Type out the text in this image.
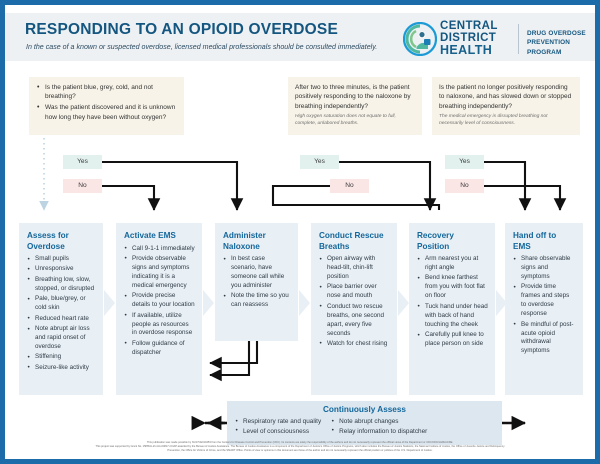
RESPONDING TO AN OPIOID OVERDOSE
In the case of a known or suspected overdose, licensed medical professionals should be consulted immediately.
CENTRAL
DISTRICT
HEALTH
DRUG OVERDOSE PREVENTION PROGRAM
• Is the patient blue, grey, cold, and not breathing?
• Was the patient discovered and it is unknown how long they have been without oxygen?
After two to three minutes, is the patient positively responding to the naloxone by breathing independently?
High oxygen saturation does not equate to full, complete, unlabored breaths.
Is the patient no longer positively responding to naloxone, and has slowed down or stopped breathing independently?
The medical emergency is disrupted breathing not necessarily level of consciousness.
Yes
No
Yes
No
Yes
No
Assess for Overdose
• Small pupils
• Unresponsive
• Breathing low, slow, stopped, or disrupted
• Pale, blue/grey, or cold skin
• Reduced heart rate
• Note abrupt air loss and rapid onset of overdose
• Stiffening
• Seizure-like activity
Activate EMS
• Call 9-1-1 immediately
• Provide observable signs and symptoms indicating it is a medical emergency
• Provide precise details to your location
• If available, utilize people as resources in overdose response
• Follow guidance of dispatcher
Administer Naloxone
• In best case scenario, have someone call while you administer
• Note the time so you can reassess
Conduct Rescue Breaths
• Open airway with head-tilt, chin-lift position
• Place barrier over nose and mouth
• Conduct two rescue breaths, one second apart, every five seconds
• Watch for chest rising
Recovery Position
• Arm nearest you at right angle
• Bend knee farthest from you with foot flat on floor
• Tuck hand under head with back of hand touching the cheek
• Carefully pull knee to place person on side
Hand off to EMS
• Share observable signs and symptoms
• Provide time frames and steps to overdose response
• Be mindful of post-acute opioid withdrawal symptoms
Continuously Assess
• Respiratory rate and quality
• Level of consciousness
• Note abrupt changes
• Relay information to dispatcher

This publication was made possible by NU17CE010453 from the Centers for Disease Control and Prevention (CDC). Its contents are solely the responsibility of the authors and do not necessarily represent the official views of the Department or CDC/CDC/HHS/ACDE.

This project was supported by Grant No. 15PBJA-21-GG-04817-COAP awarded by the Bureau of Justice Assistance. The Bureau of Justice Assistance is a component of the Department of Justice's Office of Justice Programs, which also includes the Bureau of Justice Statistics, the National Institute of Justice, the Office of Juvenile Justice and Delinquency

Prevention, the Office for Victims of Crime, and the SMART Office. Points of view or opinions in this document are those of the author and do not necessarily represent the official position or policies of the U.S. Department of Justice.
